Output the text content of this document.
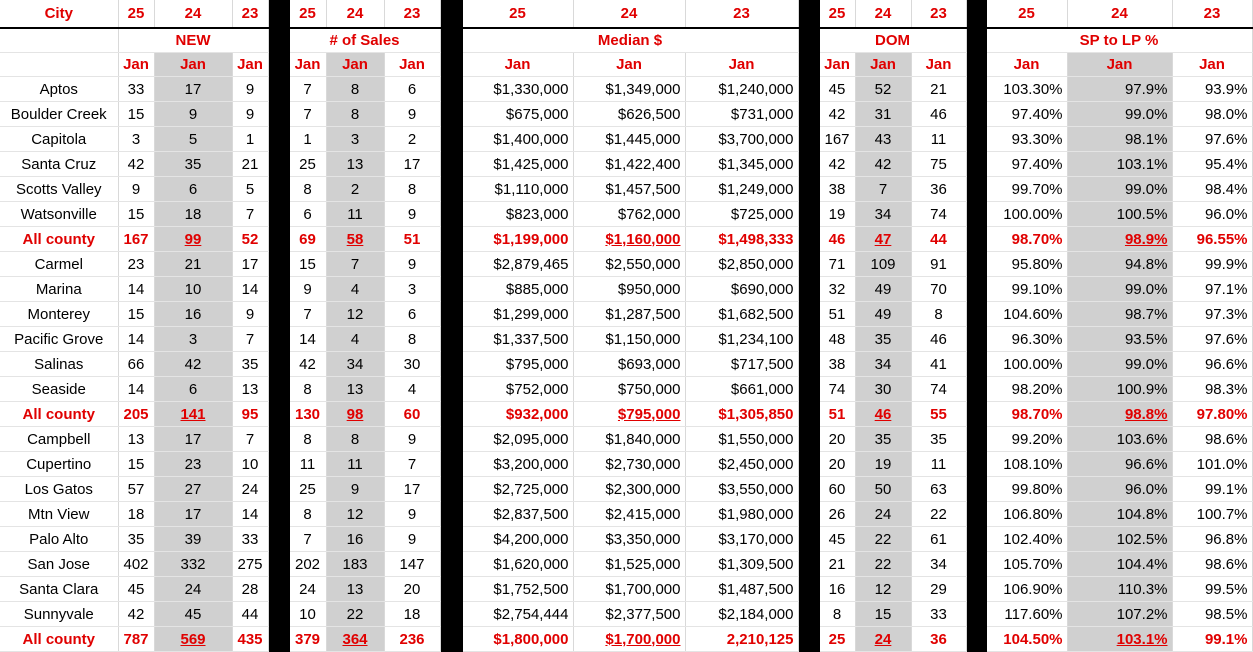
City	25	24	23		25	24	23		25	24	23		25	24	23		25	24	23
	NEW				# of Sales				Median $				DOM				SP to LP %		
	Jan	Jan	Jan		Jan	Jan	Jan		Jan	Jan	Jan		Jan	Jan	Jan		Jan	Jan	Jan
Aptos	33	17	9		7	8	6		$1,330,000	$1,349,000	$1,240,000		45	52	21		103.30%	97.9%	93.9%
Boulder Creek	15	9	9		7	8	9		$675,000	$626,500	$731,000		42	31	46		97.40%	99.0%	98.0%
Capitola	3	5	1		1	3	2		$1,400,000	$1,445,000	$3,700,000		167	43	11		93.30%	98.1%	97.6%
Santa Cruz	42	35	21		25	13	17		$1,425,000	$1,422,400	$1,345,000		42	42	75		97.40%	103.1%	95.4%
Scotts Valley	9	6	5		8	2	8		$1,110,000	$1,457,500	$1,249,000		38	7	36		99.70%	99.0%	98.4%
Watsonville	15	18	7		6	11	9		$823,000	$762,000	$725,000		19	34	74		100.00%	100.5%	96.0%
All county	167	99	52		69	58	51		$1,199,000	$1,160,000	$1,498,333		46	47	44		98.70%	98.9%	96.55%
Carmel	23	21	17		15	7	9		$2,879,465	$2,550,000	$2,850,000		71	109	91		95.80%	94.8%	99.9%
Marina	14	10	14		9	4	3		$885,000	$950,000	$690,000		32	49	70		99.10%	99.0%	97.1%
Monterey	15	16	9		7	12	6		$1,299,000	$1,287,500	$1,682,500		51	49	8		104.60%	98.7%	97.3%
Pacific Grove	14	3	7		14	4	8		$1,337,500	$1,150,000	$1,234,100		48	35	46		96.30%	93.5%	97.6%
Salinas	66	42	35		42	34	30		$795,000	$693,000	$717,500		38	34	41		100.00%	99.0%	96.6%
Seaside	14	6	13		8	13	4		$752,000	$750,000	$661,000		74	30	74		98.20%	100.9%	98.3%
All county	205	141	95		130	98	60		$932,000	$795,000	$1,305,850		51	46	55		98.70%	98.8%	97.80%
Campbell	13	17	7		8	8	9		$2,095,000	$1,840,000	$1,550,000		20	35	35		99.20%	103.6%	98.6%
Cupertino	15	23	10		11	11	7		$3,200,000	$2,730,000	$2,450,000		20	19	11		108.10%	96.6%	101.0%
Los Gatos	57	27	24		25	9	17		$2,725,000	$2,300,000	$3,550,000		60	50	63		99.80%	96.0%	99.1%
Mtn View	18	17	14		8	12	9		$2,837,500	$2,415,000	$1,980,000		26	24	22		106.80%	104.8%	100.7%
Palo Alto	35	39	33		7	16	9		$4,200,000	$3,350,000	$3,170,000		45	22	61		102.40%	102.5%	96.8%
San Jose	402	332	275		202	183	147		$1,620,000	$1,525,000	$1,309,500		21	22	34		105.70%	104.4%	98.6%
Santa Clara	45	24	28		24	13	20		$1,752,500	$1,700,000	$1,487,500		16	12	29		106.90%	110.3%	99.5%
Sunnyvale	42	45	44		10	22	18		$2,754,444	$2,377,500	$2,184,000		8	15	33		117.60%	107.2%	98.5%
All county	787	569	435		379	364	236		$1,800,000	$1,700,000	2,210,125		25	24	36		104.50%	103.1%	99.1%
